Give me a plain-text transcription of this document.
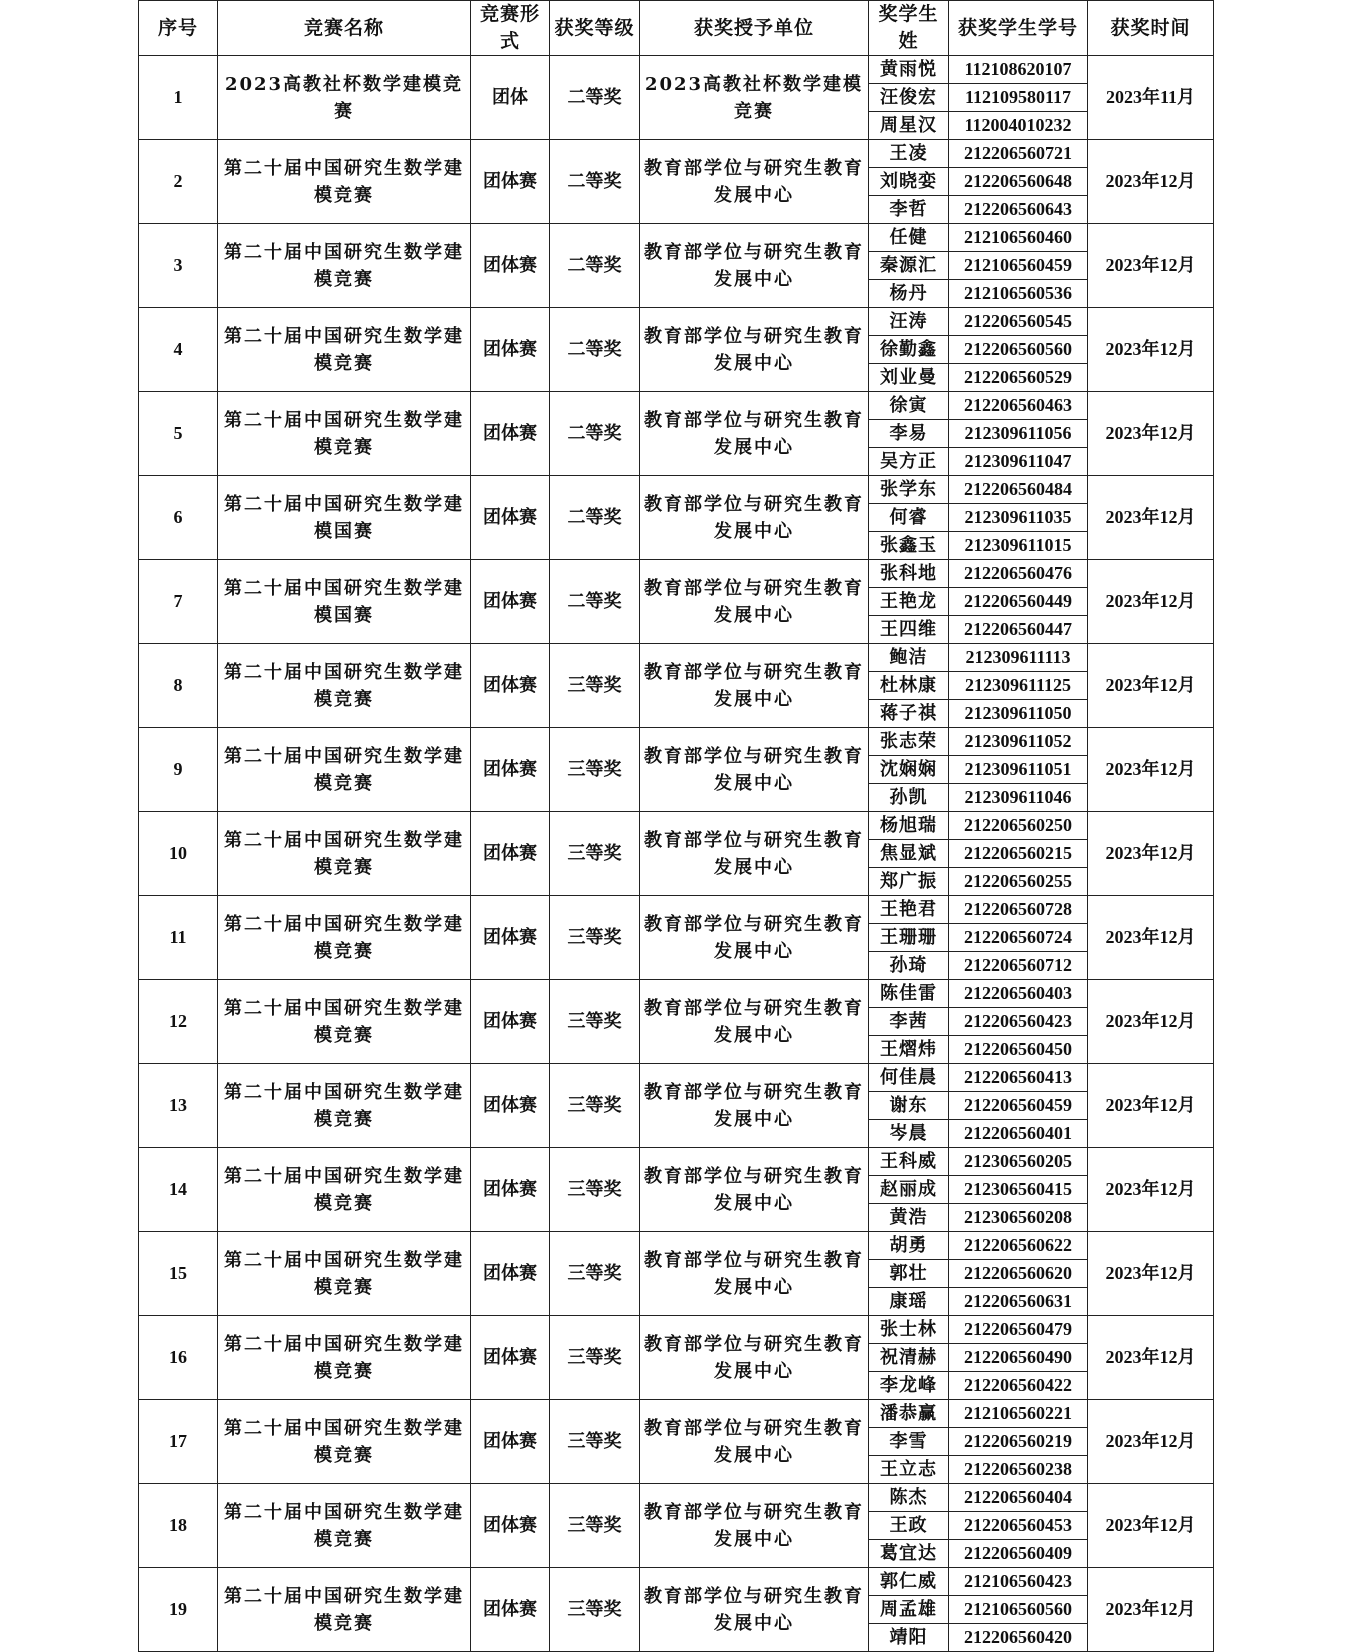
序号	竞赛名称	竞赛形式	获奖等级	获奖授予单位	奖学生姓	获奖学生学号	获奖时间
1	2023高教社杯数学建模竞赛	团体	二等奖	2023高教社杯数学建模竞赛	黄雨悦	112108620107	2023年11月
					汪俊宏	112109580117	
					周星汉	112004010232	
2	第二十届中国研究生数学建模竞赛	团体赛	二等奖	教育部学位与研究生教育发展中心	王凌	212206560721	2023年12月
					刘晓娈	212206560648	
					李哲	212206560643	
3	第二十届中国研究生数学建模竞赛	团体赛	二等奖	教育部学位与研究生教育发展中心	任健	212106560460	2023年12月
					秦源汇	212106560459	
					杨丹	212106560536	
4	第二十届中国研究生数学建模竞赛	团体赛	二等奖	教育部学位与研究生教育发展中心	汪涛	212206560545	2023年12月
					徐勤鑫	212206560560	
					刘业曼	212206560529	
5	第二十届中国研究生数学建模竞赛	团体赛	二等奖	教育部学位与研究生教育发展中心	徐寅	212206560463	2023年12月
					李易	212309611056	
					吴方正	212309611047	
6	第二十届中国研究生数学建模国赛	团体赛	二等奖	教育部学位与研究生教育发展中心	张学东	212206560484	2023年12月
					何睿	212309611035	
					张鑫玉	212309611015	
7	第二十届中国研究生数学建模国赛	团体赛	二等奖	教育部学位与研究生教育发展中心	张科地	212206560476	2023年12月
					王艳龙	212206560449	
					王四维	212206560447	
8	第二十届中国研究生数学建模竞赛	团体赛	三等奖	教育部学位与研究生教育发展中心	鲍洁	212309611113	2023年12月
					杜林康	212309611125	
					蒋子祺	212309611050	
9	第二十届中国研究生数学建模竞赛	团体赛	三等奖	教育部学位与研究生教育发展中心	张志荣	212309611052	2023年12月
					沈娴娴	212309611051	
					孙凯	212309611046	
10	第二十届中国研究生数学建模竞赛	团体赛	三等奖	教育部学位与研究生教育发展中心	杨旭瑞	212206560250	2023年12月
					焦显斌	212206560215	
					郑广振	212206560255	
11	第二十届中国研究生数学建模竞赛	团体赛	三等奖	教育部学位与研究生教育发展中心	王艳君	212206560728	2023年12月
					王珊珊	212206560724	
					孙琦	212206560712	
12	第二十届中国研究生数学建模竞赛	团体赛	三等奖	教育部学位与研究生教育发展中心	陈佳雷	212206560403	2023年12月
					李茜	212206560423	
					王熠炜	212206560450	
13	第二十届中国研究生数学建模竞赛	团体赛	三等奖	教育部学位与研究生教育发展中心	何佳晨	212206560413	2023年12月
					谢东	212206560459	
					岑晨	212206560401	
14	第二十届中国研究生数学建模竞赛	团体赛	三等奖	教育部学位与研究生教育发展中心	王科威	212306560205	2023年12月
					赵丽成	212306560415	
					黄浩	212306560208	
15	第二十届中国研究生数学建模竞赛	团体赛	三等奖	教育部学位与研究生教育发展中心	胡勇	212206560622	2023年12月
					郭壮	212206560620	
					康瑶	212206560631	
16	第二十届中国研究生数学建模竞赛	团体赛	三等奖	教育部学位与研究生教育发展中心	张士林	212206560479	2023年12月
					祝清赫	212206560490	
					李龙峰	212206560422	
17	第二十届中国研究生数学建模竞赛	团体赛	三等奖	教育部学位与研究生教育发展中心	潘恭赢	212106560221	2023年12月
					李雪	212206560219	
					王立志	212206560238	
18	第二十届中国研究生数学建模竞赛	团体赛	三等奖	教育部学位与研究生教育发展中心	陈杰	212206560404	2023年12月
					王政	212206560453	
					葛宜达	212206560409	
19	第二十届中国研究生数学建模竞赛	团体赛	三等奖	教育部学位与研究生教育发展中心	郭仁威	212106560423	2023年12月
					周孟雄	212106560560	
					靖阳	212206560420	
